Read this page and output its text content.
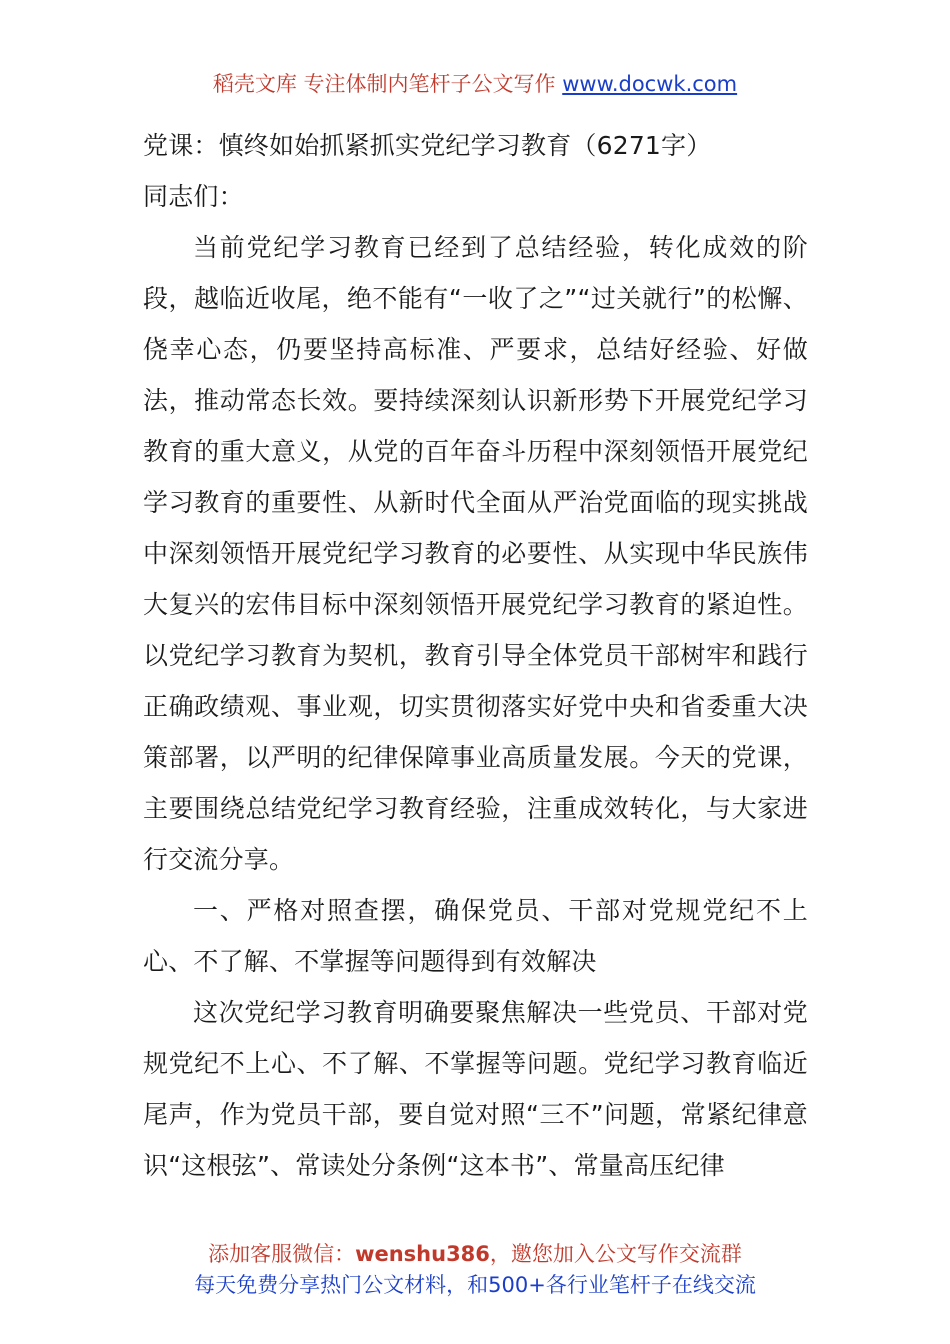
稻壳文库 专注体制内笔杆子公文写作 www.docwk.com

党课：慎终如始抓紧抓实党纪学习教育（6271字）

同志们：

当前党纪学习教育已经到了总结经验，转化成效的阶段，越临近收尾，绝不能有“一收了之”“过关就行”的松懈、侥幸心态，仍要坚持高标准、严要求，总结好经验、好做法，推动常态长效。要持续深刻认识新形势下开展党纪学习教育的重大意义，从党的百年奋斗历程中深刻领悟开展党纪学习教育的重要性、从新时代全面从严治党面临的现实挑战中深刻领悟开展党纪学习教育的必要性、从实现中华民族伟大复兴的宏伟目标中深刻领悟开展党纪学习教育的紧迫性。以党纪学习教育为契机，教育引导全体党员干部树牢和践行正确政绩观、事业观，切实贯彻落实好党中央和省委重大决策部署，以严明的纪律保障事业高质量发展。今天的党课，主要围绕总结党纪学习教育经验，注重成效转化，与大家进行交流分享。

一、严格对照查摆，确保党员、干部对党规党纪不上心、不了解、不掌握等问题得到有效解决

这次党纪学习教育明确要聚焦解决一些党员、干部对党规党纪不上心、不了解、不掌握等问题。党纪学习教育临近尾声，作为党员干部，要自觉对照“三不”问题，常紧纪律意识“这根弦”、常读处分条例“这本书”、常量高压纪律

添加客服微信：wenshu386，邀您加入公文写作交流群
每天免费分享热门公文材料，和500+各行业笔杆子在线交流
